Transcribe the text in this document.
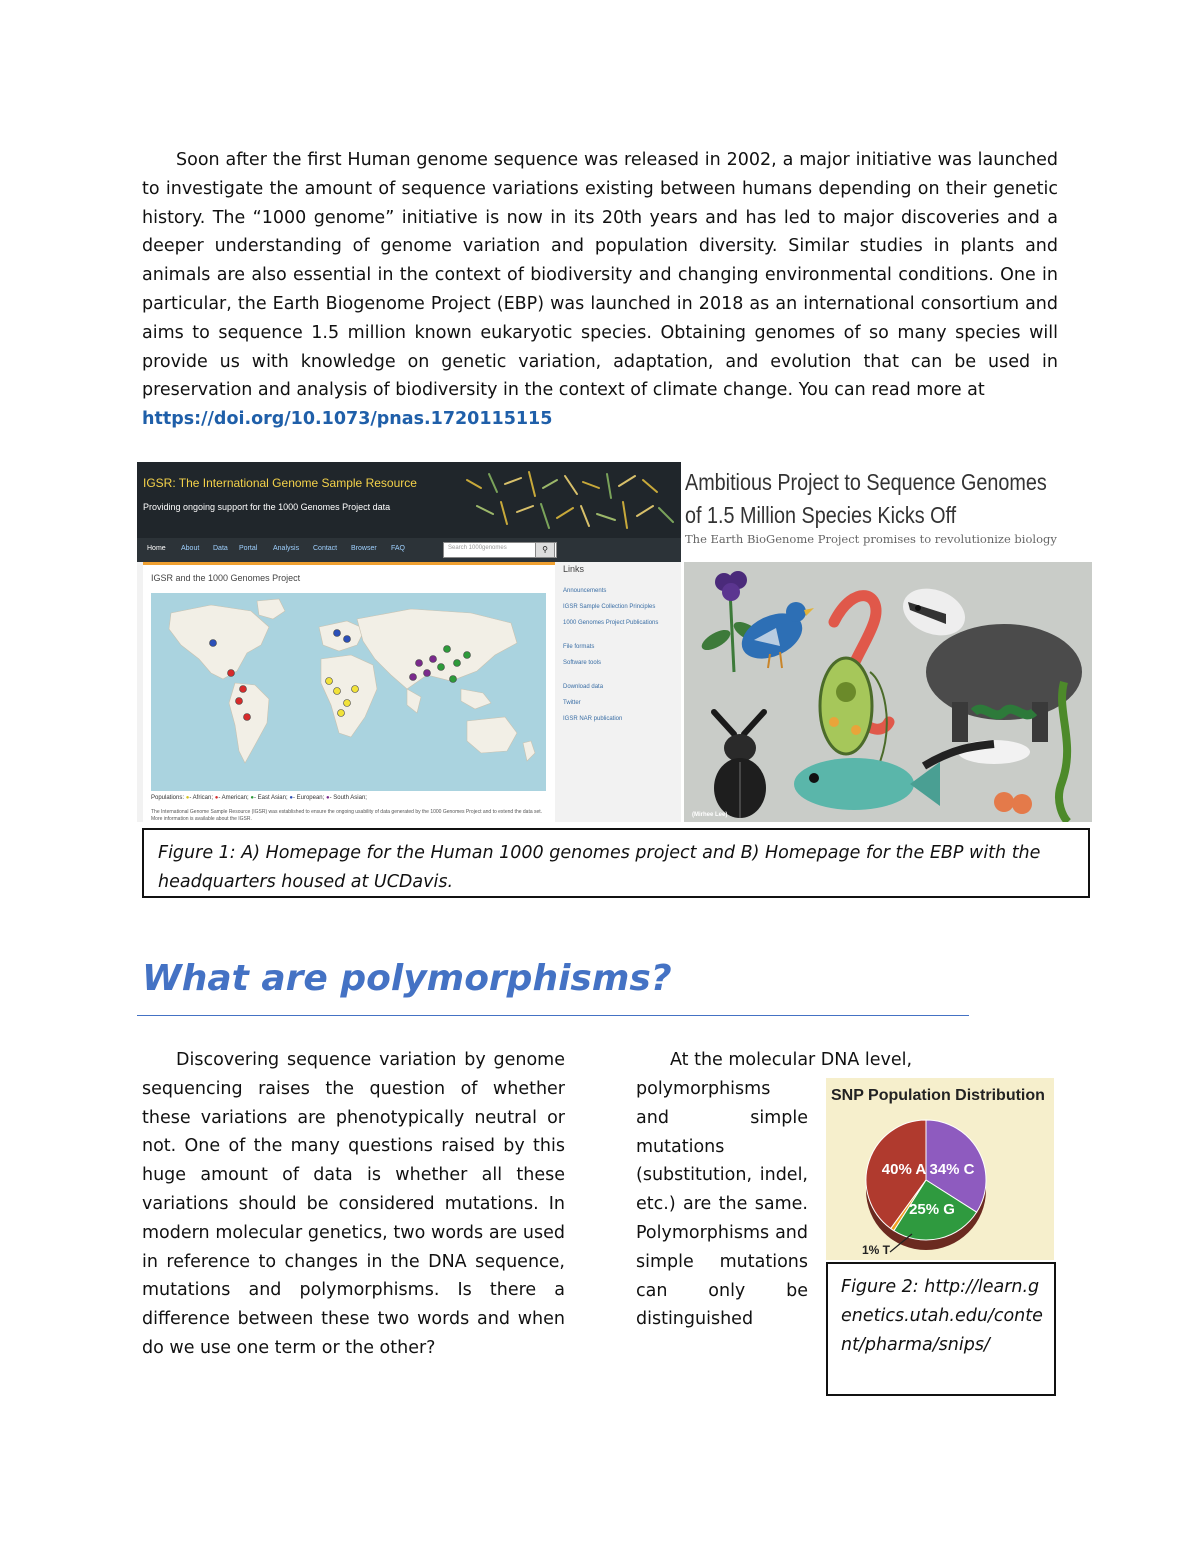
Soon after the first Human genome sequence was released in 2002, a major initiative was launched to investigate the amount of sequence variations existing between humans depending on their genetic history. The “1000 genome” initiative is now in its 20th years and has led to major discoveries and a deeper understanding of genome variation and population diversity. Similar studies in plants and animals are also essential in the context of biodiversity and changing environmental conditions. One in particular, the Earth Biogenome Project (EBP) was launched in 2018 as an international consortium and aims to sequence 1.5 million known eukaryotic species. Obtaining genomes of so many species will provide us with knowledge on genetic variation, adaptation, and evolution that can be used in preservation and analysis of biodiversity in the context of climate change. You can read more at
https://doi.org/10.1073/pnas.1720115115

IGSR: The International Genome Sample Resource
Providing ongoing support for the 1000 Genomes Project data
Home About Data Portal Analysis Contact Browser FAQ	Search 1000genomes	⚲
IGSR and the 1000 Genomes Project
Populations: ●- African; ●- American; ●- East Asian; ●- European; ●- South Asian;
The International Genome Sample Resource (IGSR) was established to ensure the ongoing usability of data generated by the 1000 Genomes Project and to extend the data set. More information is available about the IGSR.
Links
Announcements
IGSR Sample Collection Principles
1000 Genomes Project Publications
File formats
Software tools
Download data
Twitter
IGSR NAR publication
Ambitious Project to Sequence Genomes
of 1.5 Million Species Kicks Off
The Earth BioGenome Project promises to revolutionize biology
(Mirhee Lee)
Figure 1: A) Homepage for the Human 1000 genomes project and B) Homepage for the EBP with the headquarters housed at UCDavis.
What are polymorphisms?

Discovering sequence variation by genome sequencing raises the question of whether these variations are phenotypically neutral or not. One of the many questions raised by this huge amount of data is whether all these variations should be considered mutations. In modern molecular genetics, two words are used in reference to changes in the DNA sequence, mutations and polymorphisms. Is there a difference between these two words and when do we use one term or the other?

At the molecular DNA level,

polymorphisms and simple mutations (substitution, indel, etc.) are the same. Polymorphisms and simple mutations can only be distinguished

SNP Population Distribution
40% A 34% C
25% G
1% T
Figure 2: http://learn.genetics.utah.edu/content/pharma/snips/
